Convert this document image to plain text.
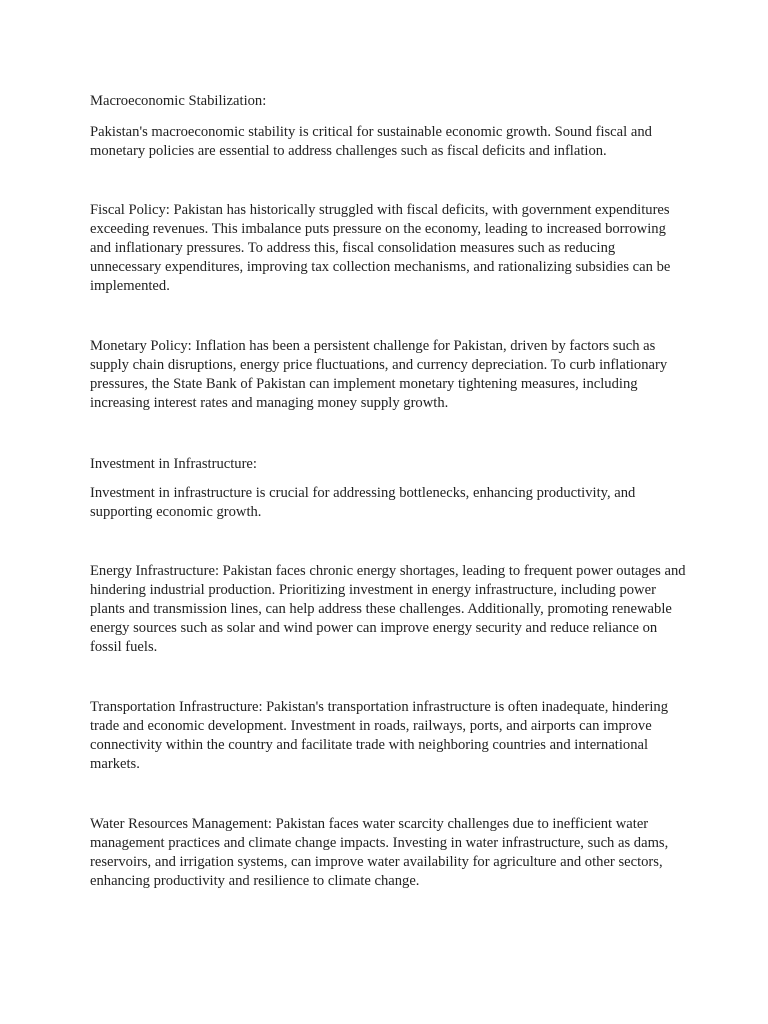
Macroeconomic Stabilization:

Pakistan's macroeconomic stability is critical for sustainable economic growth. Sound fiscal and monetary policies are essential to address challenges such as fiscal deficits and inflation.

Fiscal Policy: Pakistan has historically struggled with fiscal deficits, with government expenditures exceeding revenues. This imbalance puts pressure on the economy, leading to increased borrowing and inflationary pressures. To address this, fiscal consolidation measures such as reducing unnecessary expenditures, improving tax collection mechanisms, and rationalizing subsidies can be implemented.

Monetary Policy: Inflation has been a persistent challenge for Pakistan, driven by factors such as supply chain disruptions, energy price fluctuations, and currency depreciation. To curb inflationary pressures, the State Bank of Pakistan can implement monetary tightening measures, including increasing interest rates and managing money supply growth.

Investment in Infrastructure:

Investment in infrastructure is crucial for addressing bottlenecks, enhancing productivity, and supporting economic growth.

Energy Infrastructure: Pakistan faces chronic energy shortages, leading to frequent power outages and hindering industrial production. Prioritizing investment in energy infrastructure, including power plants and transmission lines, can help address these challenges. Additionally, promoting renewable energy sources such as solar and wind power can improve energy security and reduce reliance on fossil fuels.

Transportation Infrastructure: Pakistan's transportation infrastructure is often inadequate, hindering trade and economic development. Investment in roads, railways, ports, and airports can improve connectivity within the country and facilitate trade with neighboring countries and international markets.

Water Resources Management: Pakistan faces water scarcity challenges due to inefficient water management practices and climate change impacts. Investing in water infrastructure, such as dams, reservoirs, and irrigation systems, can improve water availability for agriculture and other sectors, enhancing productivity and resilience to climate change.
